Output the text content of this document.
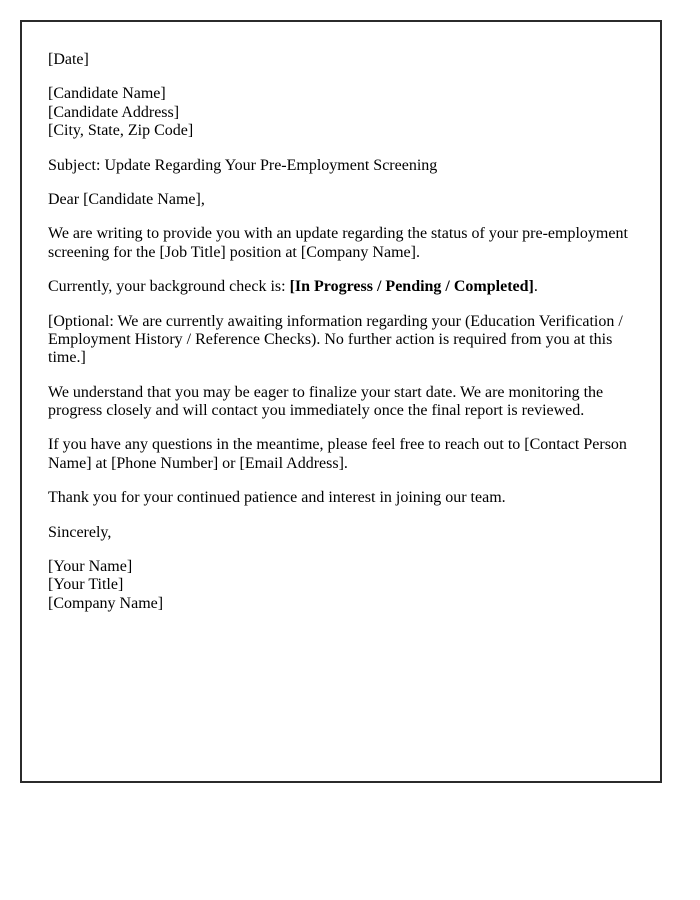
[Date]

[Candidate Name]
[Candidate Address]
[City, State, Zip Code]

Subject: Update Regarding Your Pre-Employment Screening

Dear [Candidate Name],

We are writing to provide you with an update regarding the status of your pre-employment screening for the [Job Title] position at [Company Name].

Currently, your background check is: [In Progress / Pending / Completed].

[Optional: We are currently awaiting information regarding your (Education Verification / Employment History / Reference Checks). No further action is required from you at this time.]

We understand that you may be eager to finalize your start date. We are monitoring the progress closely and will contact you immediately once the final report is reviewed.

If you have any questions in the meantime, please feel free to reach out to [Contact Person Name] at [Phone Number] or [Email Address].

Thank you for your continued patience and interest in joining our team.

Sincerely,

[Your Name]
[Your Title]
[Company Name]
